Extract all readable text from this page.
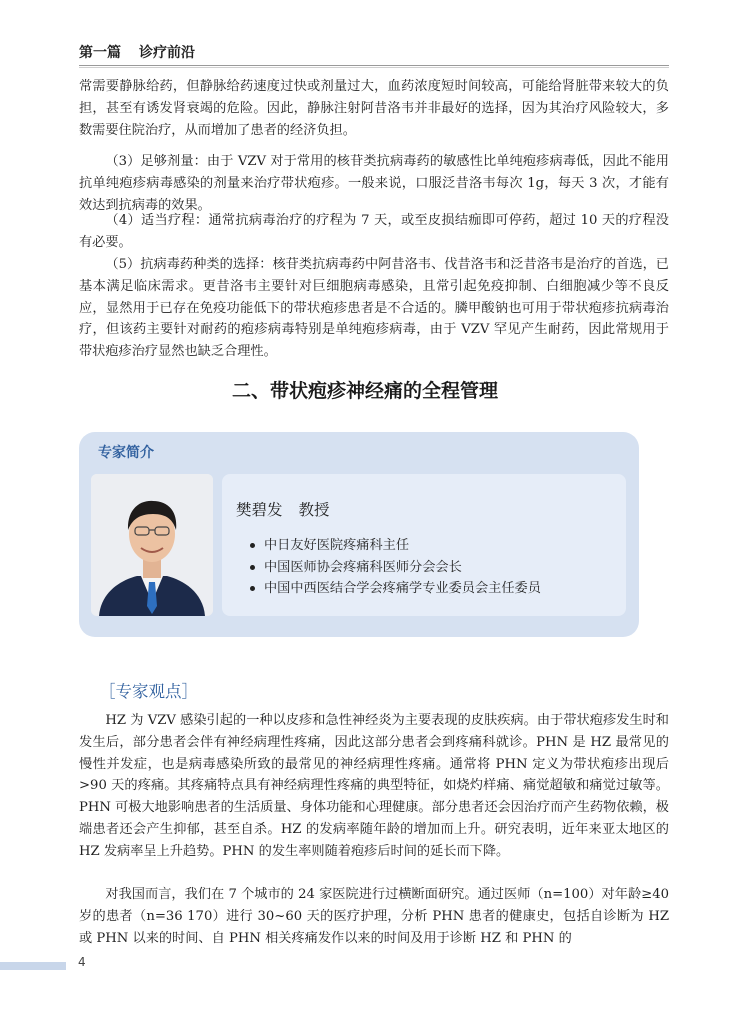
第一篇 诊疗前沿

常需要静脉给药，但静脉给药速度过快或剂量过大，血药浓度短时间较高，可能给肾脏带来较大的负担，甚至有诱发肾衰竭的危险。因此，静脉注射阿昔洛韦并非最好的选择，因为其治疗风险较大，多数需要住院治疗，从而增加了患者的经济负担。

（3）足够剂量：由于 VZV 对于常用的核苷类抗病毒药的敏感性比单纯疱疹病毒低，因此不能用抗单纯疱疹病毒感染的剂量来治疗带状疱疹。一般来说，口服泛昔洛韦每次 1g，每天 3 次，才能有效达到抗病毒的效果。

（4）适当疗程：通常抗病毒治疗的疗程为 7 天，或至皮损结痂即可停药，超过 10 天的疗程没有必要。

（5）抗病毒药种类的选择：核苷类抗病毒药中阿昔洛韦、伐昔洛韦和泛昔洛韦是治疗的首选，已基本满足临床需求。更昔洛韦主要针对巨细胞病毒感染，且常引起免疫抑制、白细胞减少等不良反应，显然用于已存在免疫功能低下的带状疱疹患者是不合适的。膦甲酸钠也可用于带状疱疹抗病毒治疗，但该药主要针对耐药的疱疹病毒特别是单纯疱疹病毒，由于 VZV 罕见产生耐药，因此常规用于带状疱疹治疗显然也缺乏合理性。

二、带状疱疹神经痛的全程管理
专家简介
樊碧发 教授
中日友好医院疼痛科主任
中国医师协会疼痛科医师分会会长
中国中西医结合学会疼痛学专业委员会主任委员
［专家观点］

HZ 为 VZV 感染引起的一种以皮疹和急性神经炎为主要表现的皮肤疾病。由于带状疱疹发生时和发生后，部分患者会伴有神经病理性疼痛，因此这部分患者会到疼痛科就诊。PHN 是 HZ 最常见的慢性并发症，也是病毒感染所致的最常见的神经病理性疼痛。通常将 PHN 定义为带状疱疹出现后 >90 天的疼痛。其疼痛特点具有神经病理性疼痛的典型特征，如烧灼样痛、痛觉超敏和痛觉过敏等。PHN 可极大地影响患者的生活质量、身体功能和心理健康。部分患者还会因治疗而产生药物依赖，极端患者还会产生抑郁，甚至自杀。HZ 的发病率随年龄的增加而上升。研究表明，近年来亚太地区的 HZ 发病率呈上升趋势。PHN 的发生率则随着疱疹后时间的延长而下降。

对我国而言，我们在 7 个城市的 24 家医院进行过横断面研究。通过医师（n=100）对年龄≥40 岁的患者（n=36 170）进行 30~60 天的医疗护理，分析 PHN 患者的健康史，包括自诊断为 HZ 或 PHN 以来的时间、自 PHN 相关疼痛发作以来的时间及用于诊断 HZ 和 PHN 的

4
